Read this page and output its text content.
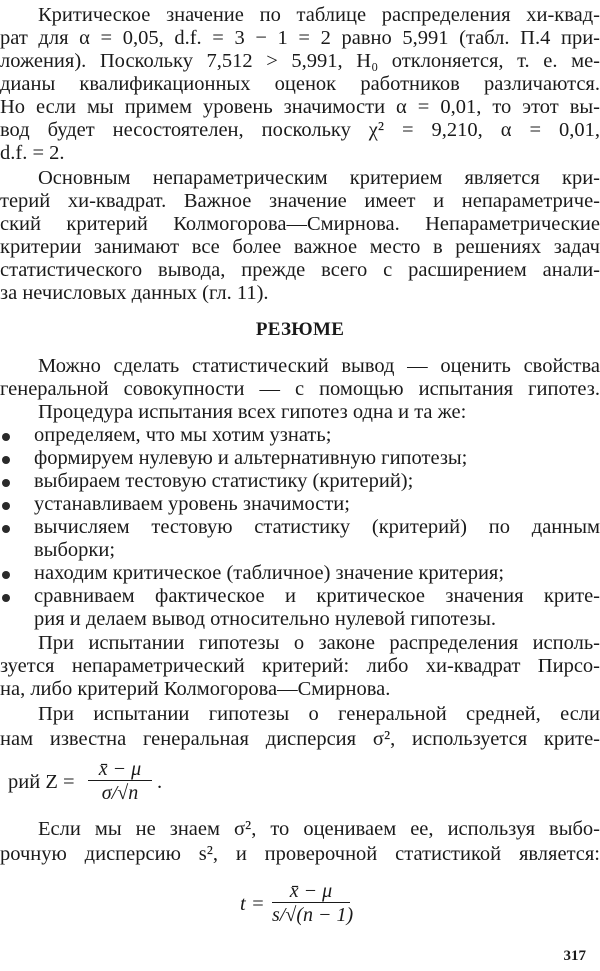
Критическое значение по таблице распределения хи-квад-

рат для α = 0,05, d.f. = 3 − 1 = 2 равно 5,991 (табл. П.4 при-

ложения). Поскольку 7,512 > 5,991, H₀ отклоняется, т. е. ме-

дианы квалификационных оценок работников различаются.

Но если мы примем уровень значимости α = 0,01, то этот вы-

вод будет несостоятелен, поскольку χ² = 9,210, α = 0,01,

d.f. = 2.

Основным непараметрическим критерием является кри-

терий хи-квадрат. Важное значение имеет и непараметриче-

ский критерий Колмогорова—Смирнова. Непараметрические

критерии занимают все более важное место в решениях задач

статистического вывода, прежде всего с расширением анали-

за нечисловых данных (гл. 11).

РЕЗЮМЕ

Можно сделать статистический вывод — оценить свойства

генеральной совокупности — с помощью испытания гипотез.

Процедура испытания всех гипотез одна и та же:

определяем, что мы хотим узнать;

формируем нулевую и альтернативную гипотезы;

выбираем тестовую статистику (критерий);

устанавливаем уровень значимости;

вычисляем тестовую статистику (критерий) по данным

выборки;

находим критическое (табличное) значение критерия;

сравниваем фактическое и критическое значения крите-

рия и делаем вывод относительно нулевой гипотезы.

При испытании гипотезы о законе распределения исполь-

зуется непараметрический критерий: либо хи-квадрат Пирсо-

на, либо критерий Колмогорова—Смирнова.

При испытании гипотезы о генеральной средней, если

нам известна генеральная дисперсия σ², используется крите-

рий $Z = \frac{x̄ - \mu}{\sigma/√n}$ .

Если мы не знаем σ², то оцениваем ее, используя выбо-

рочную дисперсию s², и проверочной статистикой является:

$t = \frac{x̄ - \mu}{s/√(n - 1)}$
317
